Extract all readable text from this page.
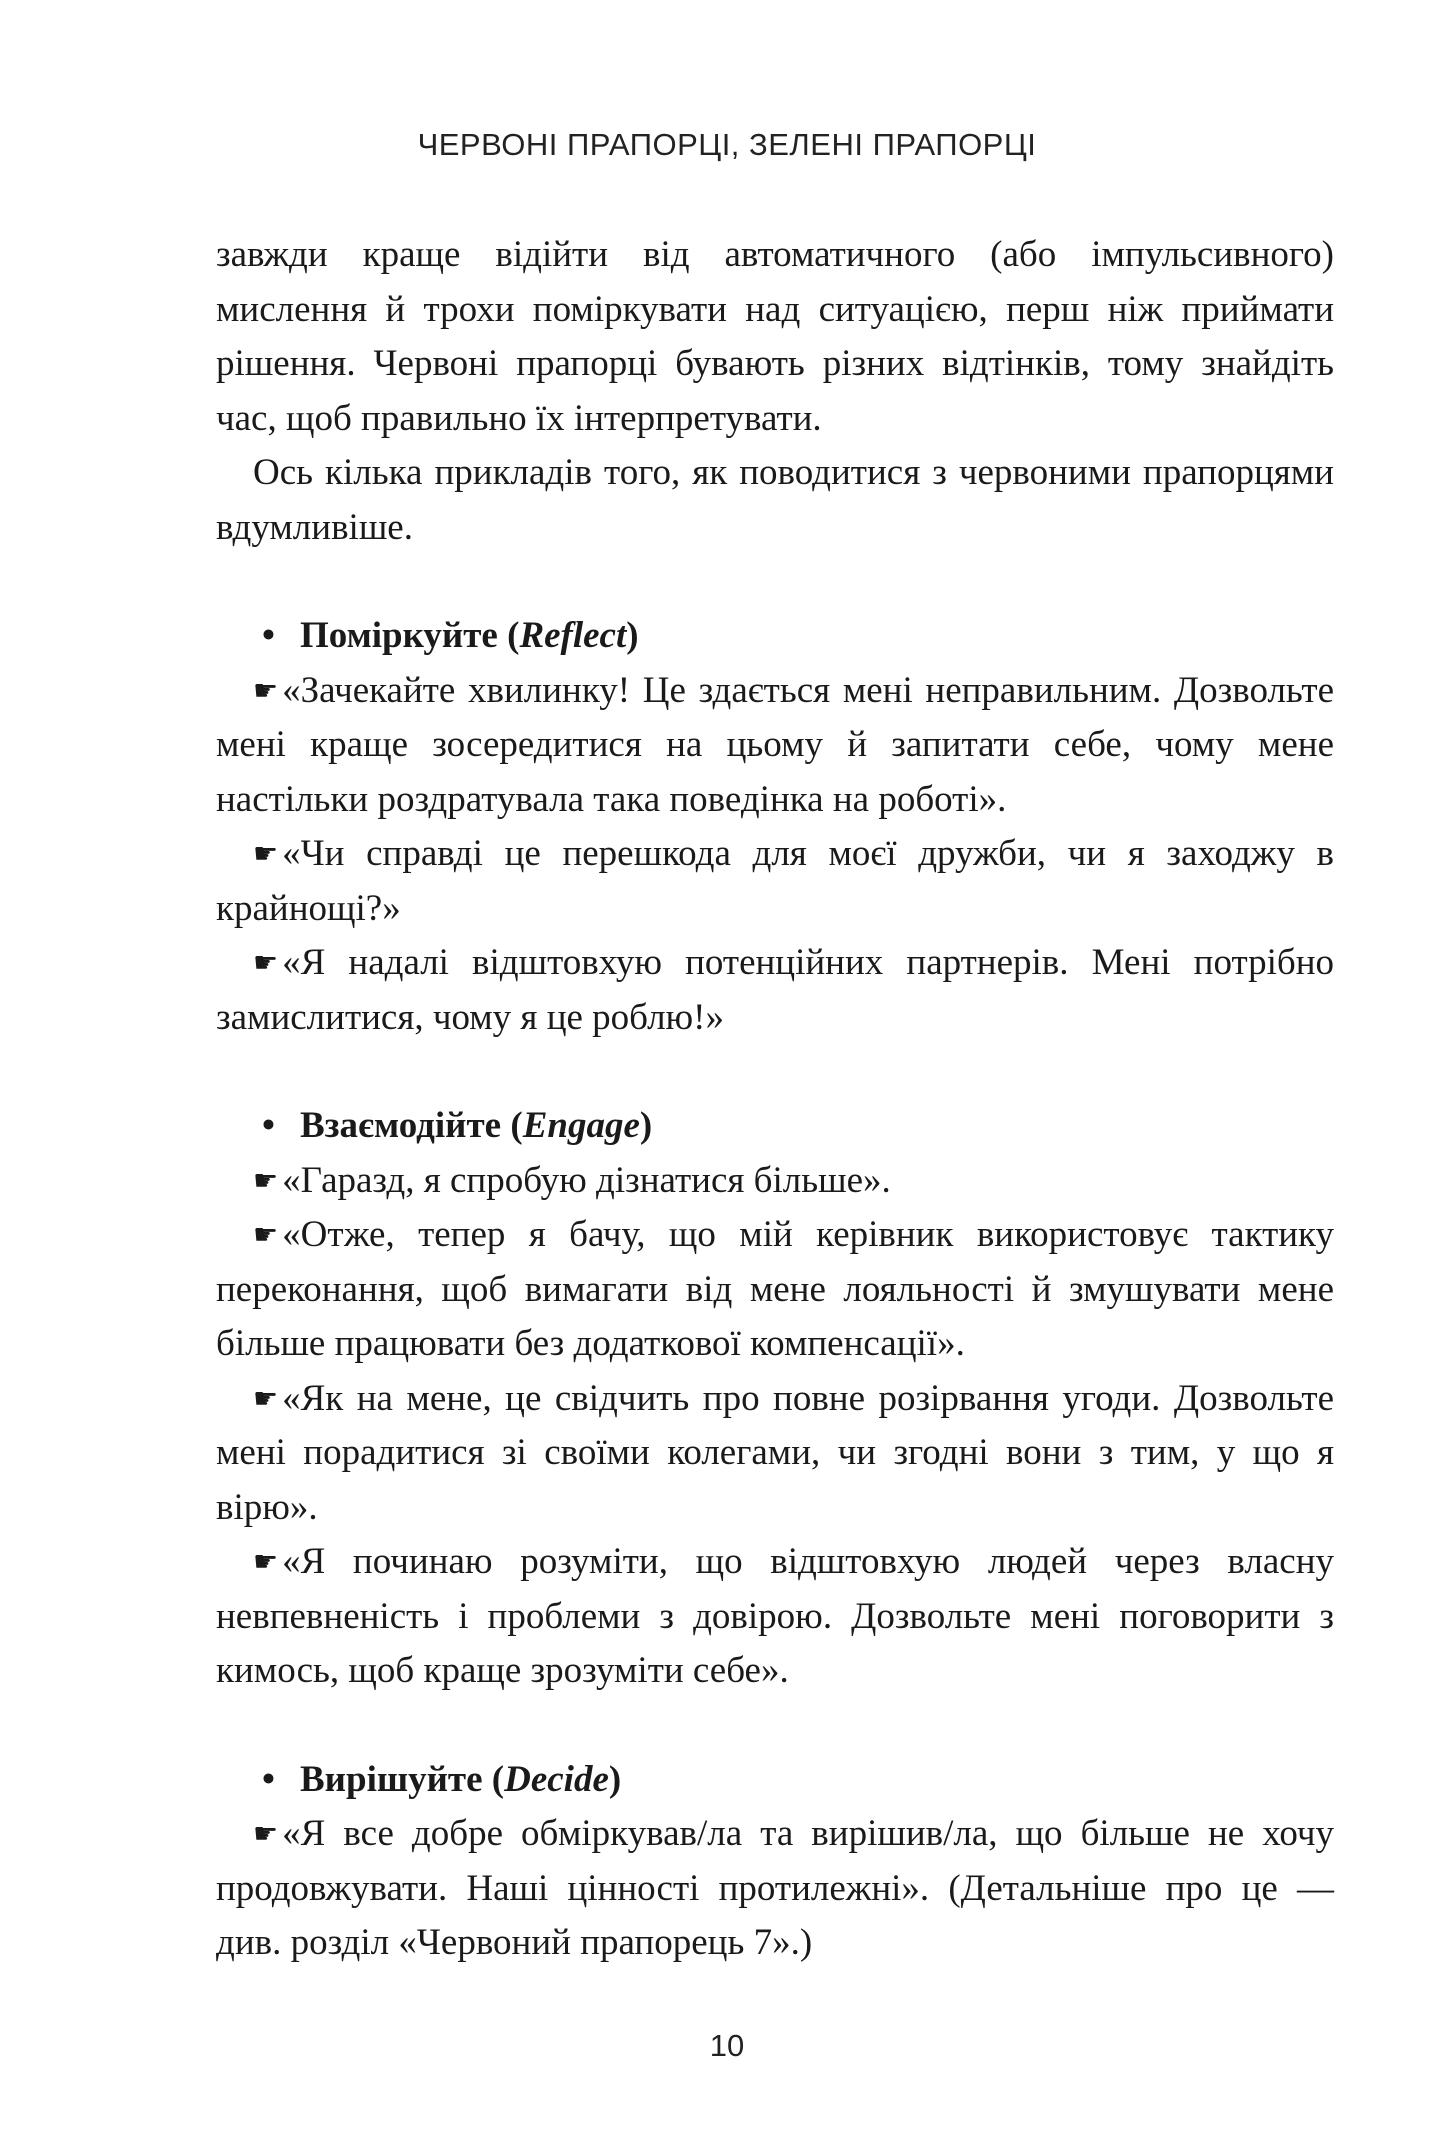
ЧЕРВОНІ ПРАПОРЦІ, ЗЕЛЕНІ ПРАПОРЦІ

завжди краще відійти від автоматичного (або імпульсивного) мислення й трохи поміркувати над ситуацією, перш ніж приймати рішення. Червоні прапорці бувають різних відтінків, тому знайдіть час, щоб правильно їх інтерпретувати.

Ось кілька прикладів того, як поводитися з червоними прапорцями вдумливіше.

• Поміркуйте (Reflect)

☛ «Зачекайте хвилинку! Це здається мені неправильним. Дозвольте мені краще зосередитися на цьому й запитати себе, чому мене настільки роздратувала така поведінка на роботі».

☛ «Чи справді це перешкода для моєї дружби, чи я заходжу в крайнощі?»

☛ «Я надалі відштовхую потенційних партнерів. Мені потрібно замислитися, чому я це роблю!»

• Взаємодійте (Engage)

☛ «Гаразд, я спробую дізнатися більше».

☛ «Отже, тепер я бачу, що мій керівник використовує тактику переконання, щоб вимагати від мене лояльності й змушувати мене більше працювати без додаткової компенсації».

☛ «Як на мене, це свідчить про повне розірвання угоди. Дозвольте мені порадитися зі своїми колегами, чи згодні вони з тим, у що я вірю».

☛ «Я починаю розуміти, що відштовхую людей через власну невпевненість і проблеми з довірою. Дозвольте мені поговорити з кимось, щоб краще зрозуміти себе».

• Вирішуйте (Decide)

☛ «Я все добре обміркував/ла та вирішив/ла, що більше не хочу продовжувати. Наші цінності протилежні». (Детальніше про це — див. розділ «Червоний прапорець 7».)

10
